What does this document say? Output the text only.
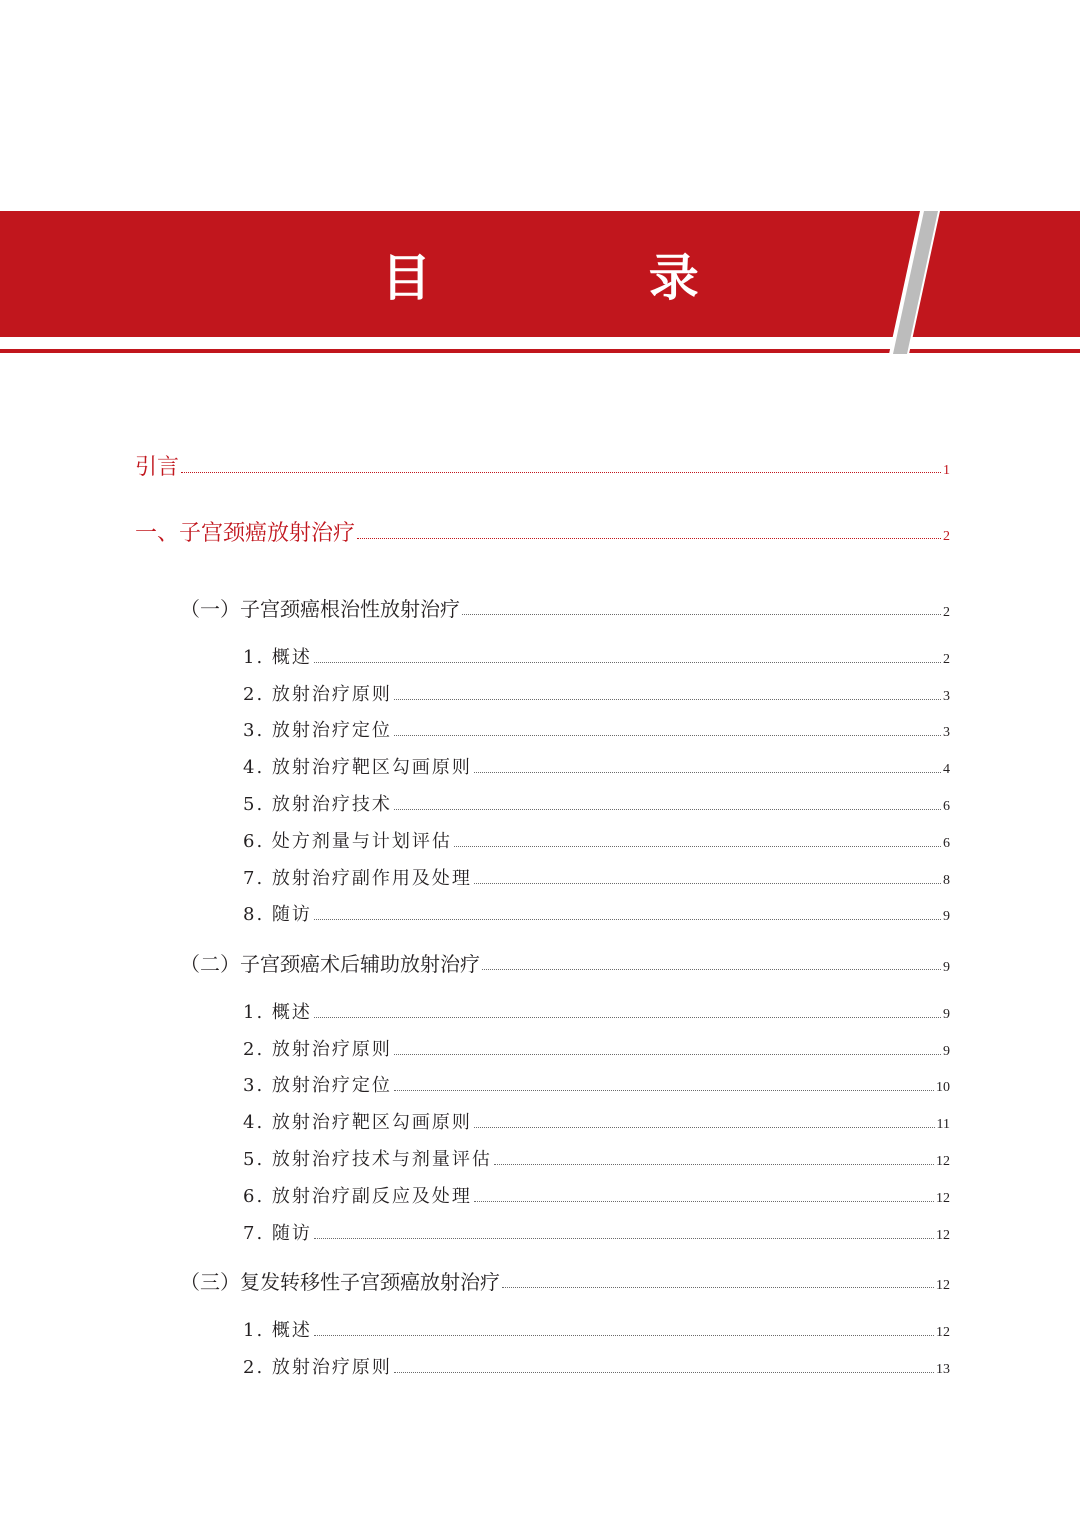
目 录
引言	1
一、子宫颈癌放射治疗	2
（一）子宫颈癌根治性放射治疗	2
1. 概述	2
2. 放射治疗原则	3
3. 放射治疗定位	3
4. 放射治疗靶区勾画原则	4
5. 放射治疗技术	6
6. 处方剂量与计划评估	6
7. 放射治疗副作用及处理	8
8. 随访	9
（二）子宫颈癌术后辅助放射治疗	9
1. 概述	9
2. 放射治疗原则	9
3. 放射治疗定位	10
4. 放射治疗靶区勾画原则	11
5. 放射治疗技术与剂量评估	12
6. 放射治疗副反应及处理	12
7. 随访	12
（三）复发转移性子宫颈癌放射治疗	12
1. 概述	12
2. 放射治疗原则	13
